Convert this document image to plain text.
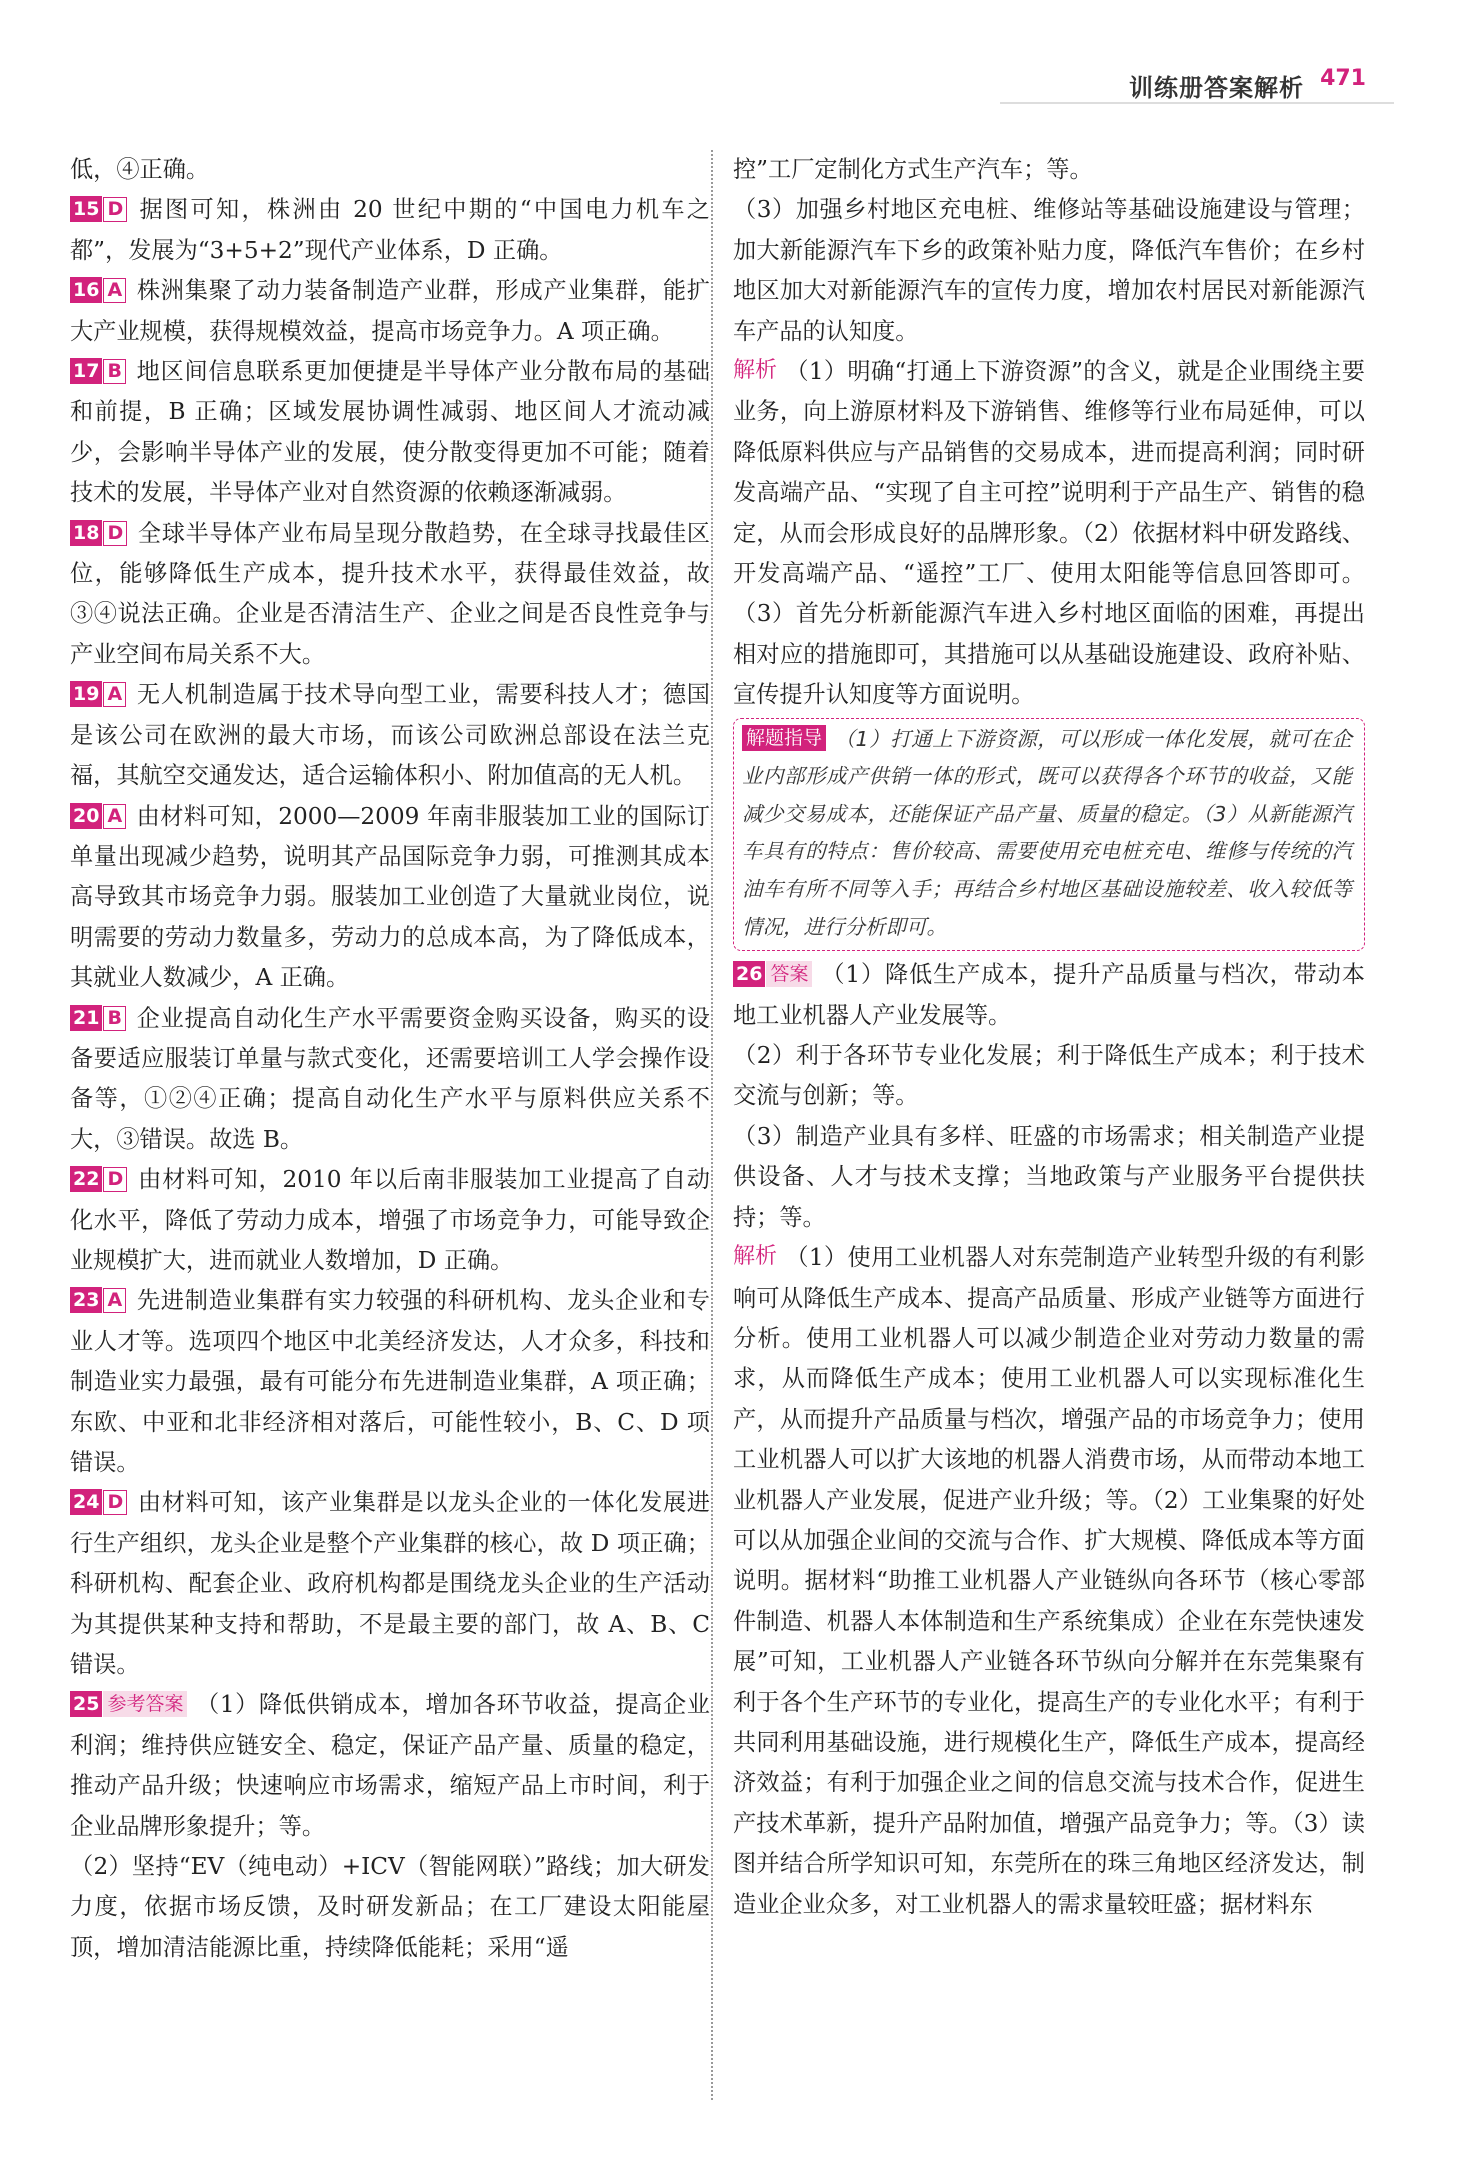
训练册答案解析 471

低，④正确。

15 D 据图可知，株洲由 20 世纪中期的“中国电力机车之都”，发展为“3+5+2”现代产业体系，D 正确。

16 A 株洲集聚了动力装备制造产业群，形成产业集群，能扩大产业规模，获得规模效益，提高市场竞争力。A 项正确。

17 B 地区间信息联系更加便捷是半导体产业分散布局的基础和前提，B 正确；区域发展协调性减弱、地区间人才流动减少，会影响半导体产业的发展，使分散变得更加不可能；随着技术的发展，半导体产业对自然资源的依赖逐渐减弱。

18 D 全球半导体产业布局呈现分散趋势，在全球寻找最佳区位，能够降低生产成本，提升技术水平，获得最佳效益，故③④说法正确。企业是否清洁生产、企业之间是否良性竞争与产业空间布局关系不大。

19 A 无人机制造属于技术导向型工业，需要科技人才；德国是该公司在欧洲的最大市场，而该公司欧洲总部设在法兰克福，其航空交通发达，适合运输体积小、附加值高的无人机。

20 A 由材料可知，2000—2009 年南非服装加工业的国际订单量出现减少趋势，说明其产品国际竞争力弱，可推测其成本高导致其市场竞争力弱。服装加工业创造了大量就业岗位，说明需要的劳动力数量多，劳动力的总成本高，为了降低成本，其就业人数减少，A 正确。

21 B 企业提高自动化生产水平需要资金购买设备，购买的设备要适应服装订单量与款式变化，还需要培训工人学会操作设备等，①②④正确；提高自动化生产水平与原料供应关系不大，③错误。故选 B。

22 D 由材料可知，2010 年以后南非服装加工业提高了自动化水平，降低了劳动力成本，增强了市场竞争力，可能导致企业规模扩大，进而就业人数增加，D 正确。

23 A 先进制造业集群有实力较强的科研机构、龙头企业和专业人才等。选项四个地区中北美经济发达，人才众多，科技和制造业实力最强，最有可能分布先进制造业集群，A 项正确；东欧、中亚和北非经济相对落后，可能性较小，B、C、D 项错误。

24 D 由材料可知，该产业集群是以龙头企业的一体化发展进行生产组织，龙头企业是整个产业集群的核心，故 D 项正确；科研机构、配套企业、政府机构都是围绕龙头企业的生产活动为其提供某种支持和帮助，不是最主要的部门，故 A、B、C 错误。

25 参考答案 （1）降低供销成本，增加各环节收益，提高企业利润；维持供应链安全、稳定，保证产品产量、质量的稳定，推动产品升级；快速响应市场需求，缩短产品上市时间，利于企业品牌形象提升；等。

（2）坚持“EV（纯电动）+ICV（智能网联）”路线；加大研发力度，依据市场反馈，及时研发新品；在工厂建设太阳能屋顶，增加清洁能源比重，持续降低能耗；采用“遥

控”工厂定制化方式生产汽车；等。

（3）加强乡村地区充电桩、维修站等基础设施建设与管理；加大新能源汽车下乡的政策补贴力度，降低汽车售价；在乡村地区加大对新能源汽车的宣传力度，增加农村居民对新能源汽车产品的认知度。

解析 （1）明确“打通上下游资源”的含义，就是企业围绕主要业务，向上游原材料及下游销售、维修等行业布局延伸，可以降低原料供应与产品销售的交易成本，进而提高利润；同时研发高端产品、“实现了自主可控”说明利于产品生产、销售的稳定，从而会形成良好的品牌形象。（2）依据材料中研发路线、开发高端产品、“遥控”工厂、使用太阳能等信息回答即可。（3）首先分析新能源汽车进入乡村地区面临的困难，再提出相对应的措施即可，其措施可以从基础设施建设、政府补贴、宣传提升认知度等方面说明。

解题指导 （1）打通上下游资源，可以形成一体化发展，就可在企业内部形成产供销一体的形式，既可以获得各个环节的收益，又能减少交易成本，还能保证产品产量、质量的稳定。（3）从新能源汽车具有的特点：售价较高、需要使用充电桩充电、维修与传统的汽油车有所不同等入手；再结合乡村地区基础设施较差、收入较低等情况，进行分析即可。

26 答案 （1）降低生产成本，提升产品质量与档次，带动本地工业机器人产业发展等。

（2）利于各环节专业化发展；利于降低生产成本；利于技术交流与创新；等。

（3）制造产业具有多样、旺盛的市场需求；相关制造产业提供设备、人才与技术支撑；当地政策与产业服务平台提供扶持；等。

解析 （1）使用工业机器人对东莞制造产业转型升级的有利影响可从降低生产成本、提高产品质量、形成产业链等方面进行分析。使用工业机器人可以减少制造企业对劳动力数量的需求，从而降低生产成本；使用工业机器人可以实现标准化生产，从而提升产品质量与档次，增强产品的市场竞争力；使用工业机器人可以扩大该地的机器人消费市场，从而带动本地工业机器人产业发展，促进产业升级；等。（2）工业集聚的好处可以从加强企业间的交流与合作、扩大规模、降低成本等方面说明。据材料“助推工业机器人产业链纵向各环节（核心零部件制造、机器人本体制造和生产系统集成）企业在东莞快速发展”可知，工业机器人产业链各环节纵向分解并在东莞集聚有利于各个生产环节的专业化，提高生产的专业化水平；有利于共同利用基础设施，进行规模化生产，降低生产成本，提高经济效益；有利于加强企业之间的信息交流与技术合作，促进生产技术革新，提升产品附加值，增强产品竞争力；等。（3）读图并结合所学知识可知，东莞所在的珠三角地区经济发达，制造业企业众多，对工业机器人的需求量较旺盛；据材料东
